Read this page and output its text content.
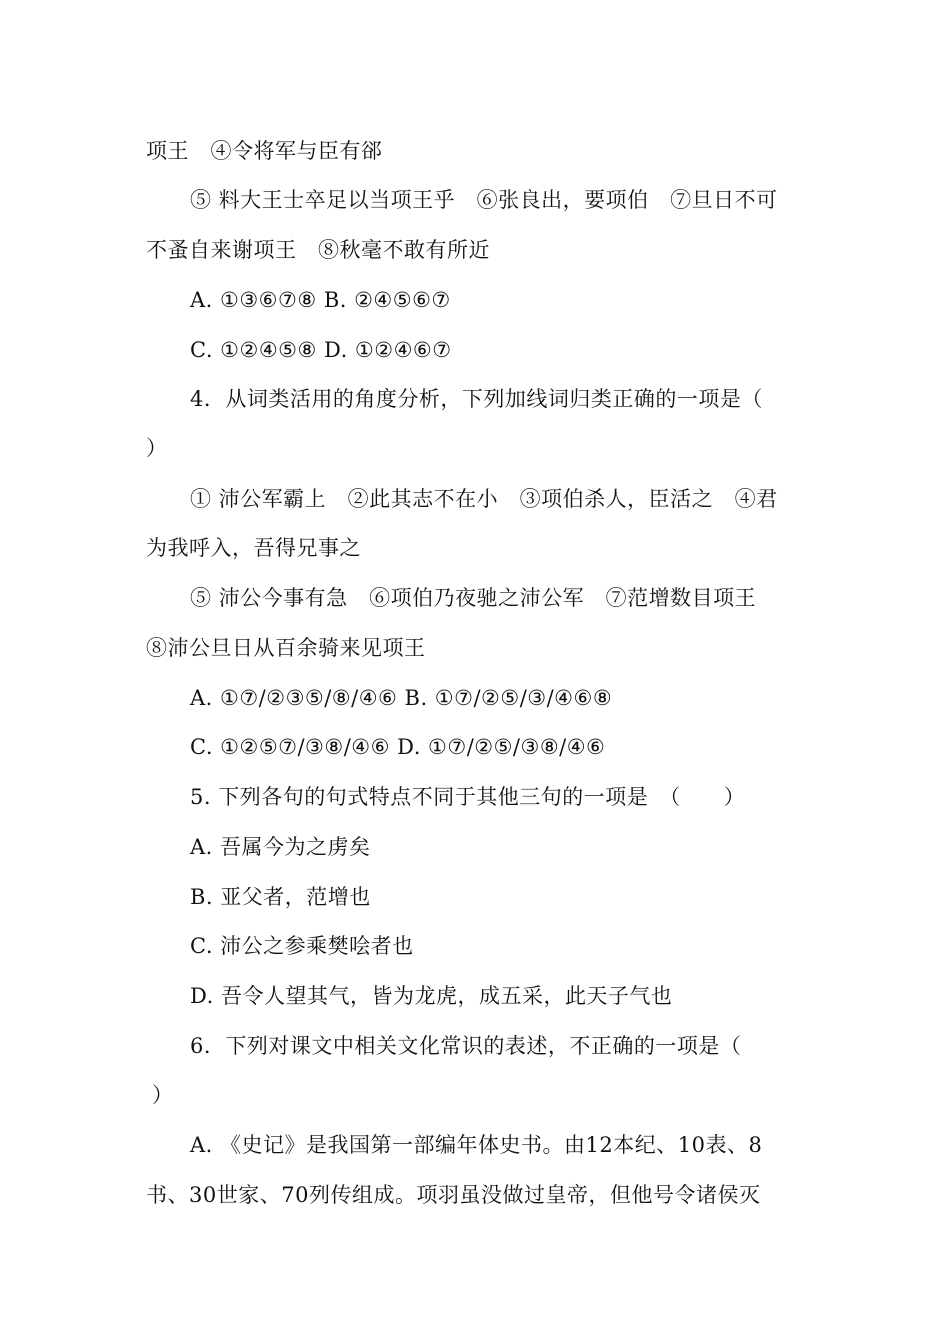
项王　④令将军与臣有郤
⑤ 料大王士卒足以当项王乎　⑥张良出，要项伯　⑦旦日不可
不蚤自来谢项王　⑧秋毫不敢有所近
A. ①③⑥⑦⑧ B. ②④⑤⑥⑦
C. ①②④⑤⑧ D. ①②④⑥⑦
4．从词类活用的角度分析，下列加线词归类正确的一项是（
）
① 沛公军霸上　②此其志不在小　③项伯杀人，臣活之　④君
为我呼入，吾得兄事之
⑤ 沛公今事有急　⑥项伯乃夜驰之沛公军　⑦范增数目项王
⑧沛公旦日从百余骑来见项王
A. ①⑦/②③⑤/⑧/④⑥ B. ①⑦/②⑤/③/④⑥⑧
C. ①②⑤⑦/③⑧/④⑥ D. ①⑦/②⑤/③⑧/④⑥
5. 下列各句的句式特点不同于其他三句的一项是　（　　）
A. 吾属今为之虏矣
B. 亚父者，范增也
C. 沛公之参乘樊哙者也
D. 吾令人望其气，皆为龙虎，成五采，此天子气也
6．下列对课文中相关文化常识的表述，不正确的一项是（
）
A. 《史记》是我国第一部编年体史书。由12本纪、10表、8
书、30世家、70列传组成。项羽虽没做过皇帝，但他号令诸侯灭
